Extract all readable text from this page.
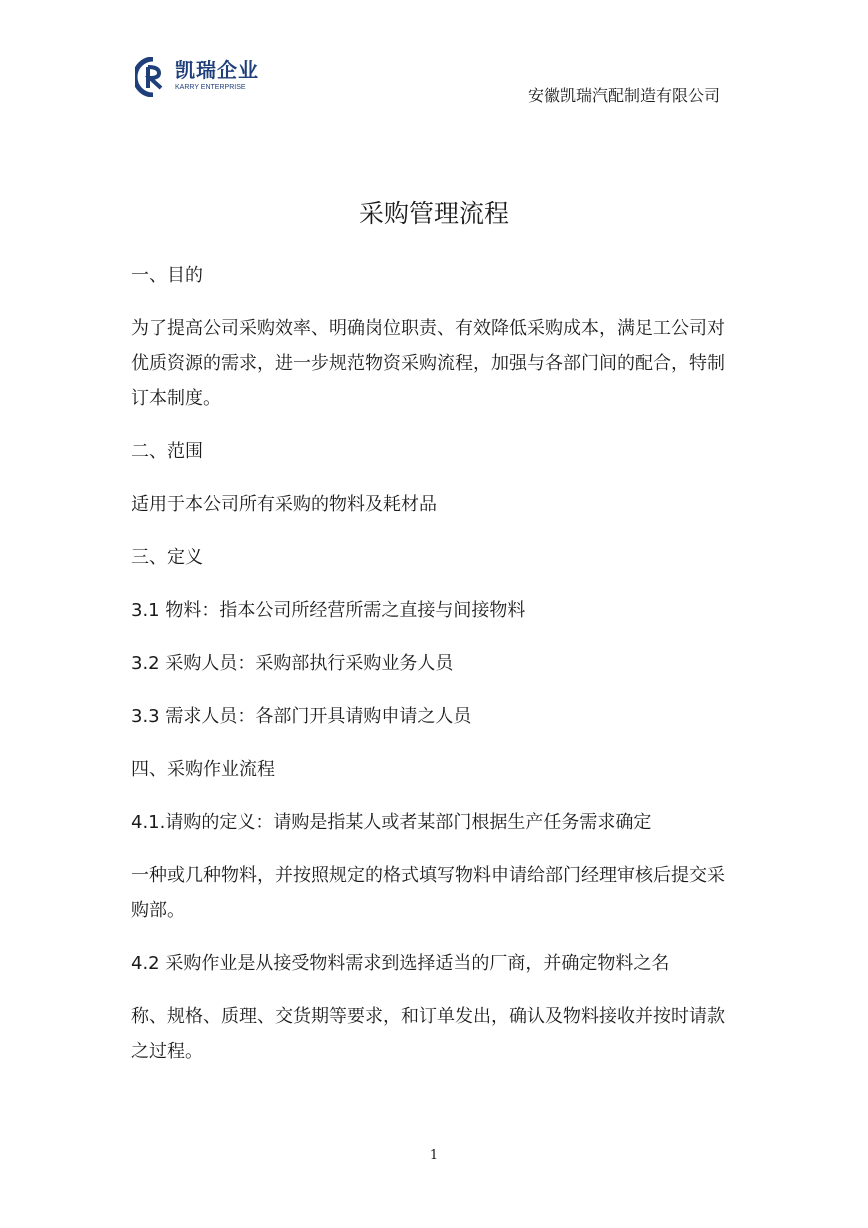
凯瑞企业
KARRY ENTERPRISE	安徽凯瑞汽配制造有限公司
采购管理流程

一、目的

为了提高公司采购效率、明确岗位职责、有效降低采购成本，满足工公司对优质资源的需求，进一步规范物资采购流程，加强与各部门间的配合，特制订本制度。

二、范围

适用于本公司所有采购的物料及耗材品

三、定义

3.1 物料：指本公司所经营所需之直接与间接物料

3.2 采购人员：采购部执行采购业务人员

3.3 需求人员：各部门开具请购申请之人员

四、采购作业流程

4.1.请购的定义：请购是指某人或者某部门根据生产任务需求确定

一种或几种物料，并按照规定的格式填写物料申请给部门经理审核后提交采购部。

4.2 采购作业是从接受物料需求到选择适当的厂商，并确定物料之名

称、规格、质理、交货期等要求，和订单发出，确认及物料接收并按时请款之过程。

1
